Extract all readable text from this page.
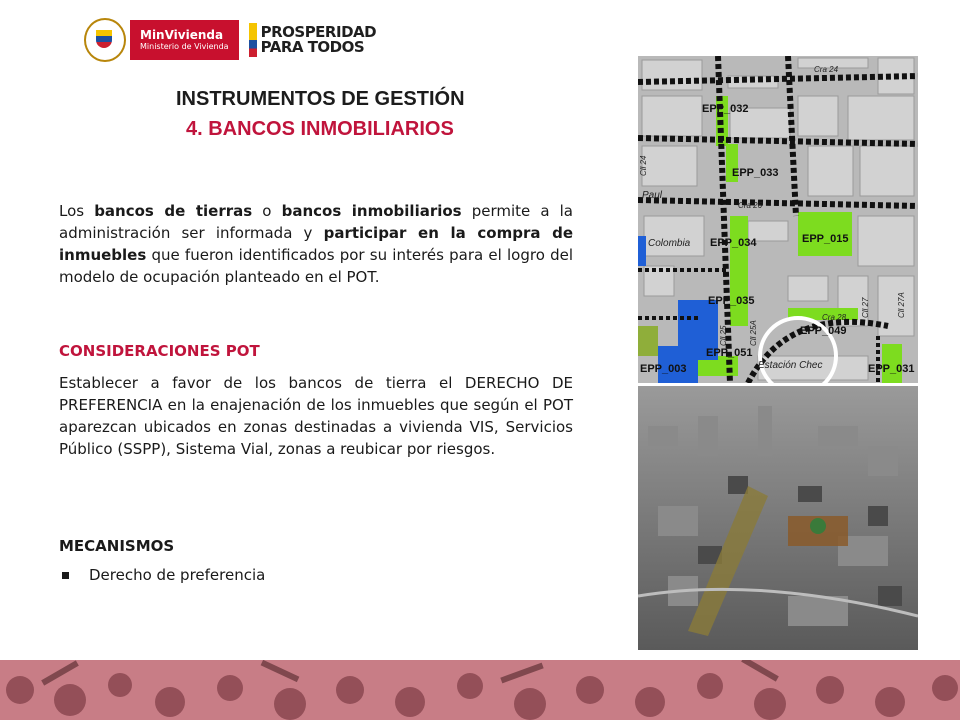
MinVivienda
Ministerio de Vivienda
PROSPERIDAD
PARA TODOS
INSTRUMENTOS DE GESTIÓN
4. BANCOS INMOBILIARIOS

Los bancos de tierras o bancos inmobiliarios permite a la administración ser informada y participar en la compra de inmuebles que fueron identificados por su interés para el logro del modelo de ocupación planteado en el POT.

CONSIDERACIONES POT

Establecer a favor de los bancos de tierra el DERECHO DE PREFERENCIA en la enajenación de los inmuebles que según el POT aparezcan ubicados en zonas destinadas a vivienda VIS, Servicios Público (SSPP), Sistema Vial, zonas a reubicar por riesgos.

MECANISMOS
Derecho de preferencia
EPP_032
EPP_033
EPP_034	EPP_015
EPP_035
EPP_049
EPP_051
EPP_003	EPP_031
Paul
Colombia
Estación Chec
Cra 26
Cra 28
Cra 24
Cll 24
Cll 25	Cll 25A
Cll 27	Cll 27A
